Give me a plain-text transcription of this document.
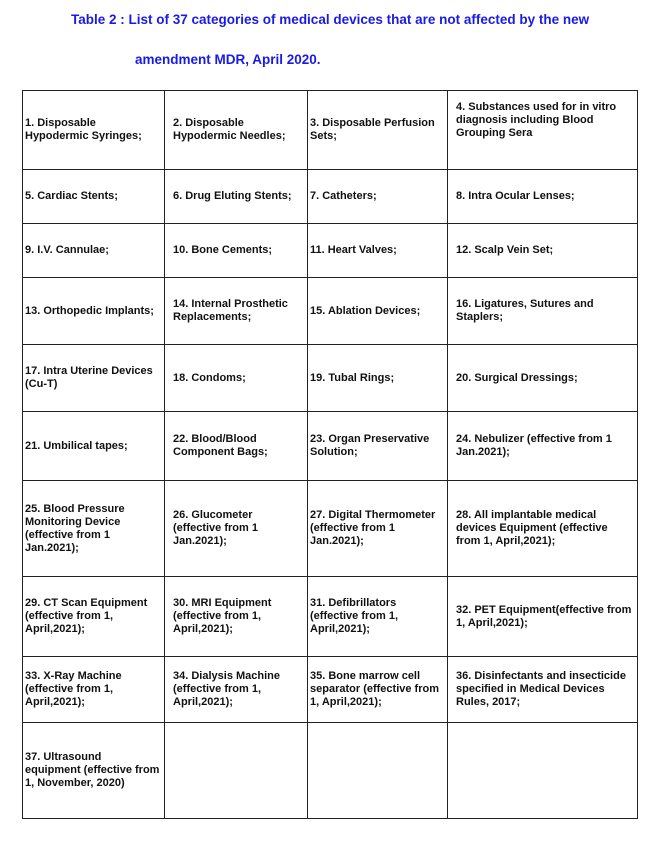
Table 2 : List of 37 categories of medical devices that are not affected by the new
amendment MDR, April 2020.
1. Disposable Hypodermic Syringes;	2. Disposable Hypodermic Needles;	3. Disposable Perfusion Sets;	4. Substances used for in vitro diagnosis including Blood Grouping Sera
5. Cardiac Stents;	6. Drug Eluting Stents;	7. Catheters;	8. Intra Ocular Lenses;
9. I.V. Cannulae;	10. Bone Cements;	11. Heart Valves;	12. Scalp Vein Set;
13. Orthopedic Implants;	14. Internal Prosthetic Replacements;	15. Ablation Devices;	16. Ligatures, Sutures and Staplers;
17. Intra Uterine Devices (Cu-T)	18. Condoms;	19. Tubal Rings;	20. Surgical Dressings;
21. Umbilical tapes;	22. Blood/Blood Component Bags;	23. Organ Preservative Solution;	24. Nebulizer (effective from 1 Jan.2021);
25. Blood Pressure Monitoring Device (effective from 1 Jan.2021);	26. Glucometer (effective from 1 Jan.2021);	27. Digital Thermometer (effective from 1 Jan.2021);	28. All implantable medical devices Equipment (effective from 1, April,2021);
29. CT Scan Equipment (effective from 1, April,2021);	30. MRI Equipment (effective from 1, April,2021);	31. Defibrillators (effective from 1, April,2021);	32. PET Equipment(effective from 1, April,2021);
33. X-Ray Machine (effective from 1, April,2021);	34. Dialysis Machine (effective from 1, April,2021);	35. Bone marrow cell separator (effective from 1, April,2021);	36. Disinfectants and insecticide specified in Medical Devices Rules, 2017;
37. Ultrasound equipment (effective from 1, November, 2020)			
